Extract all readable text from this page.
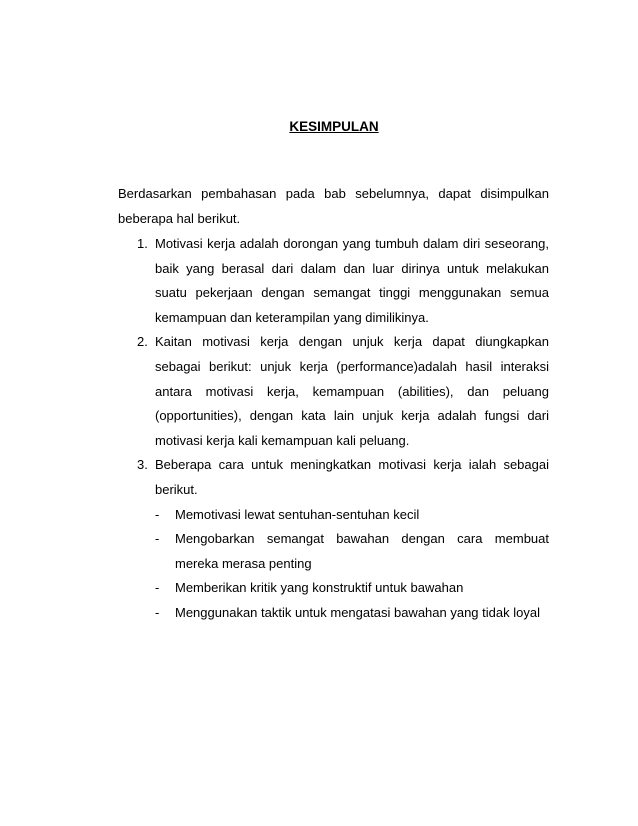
KESIMPULAN

Berdasarkan pembahasan pada bab sebelumnya, dapat disimpulkan
beberapa hal berikut.

1. Motivasi kerja adalah dorongan yang tumbuh dalam diri seseorang, baik yang berasal dari dalam dan luar dirinya untuk melakukan suatu pekerjaan dengan semangat tinggi menggunakan semua kemampuan dan keterampilan yang dimilikinya.
2. Kaitan motivasi kerja dengan unjuk kerja dapat diungkapkan sebagai berikut: unjuk kerja (performance)adalah hasil interaksi antara motivasi kerja, kemampuan (abilities), dan peluang (opportunities), dengan kata lain unjuk kerja adalah fungsi dari motivasi kerja kali kemampuan kali peluang.
3. Beberapa cara untuk meningkatkan motivasi kerja ialah sebagai berikut.
- Memotivasi lewat sentuhan-sentuhan kecil
- Mengobarkan semangat bawahan dengan cara membuat mereka merasa penting
- Memberikan kritik yang konstruktif untuk bawahan
- Menggunakan taktik untuk mengatasi bawahan yang tidak loyal
